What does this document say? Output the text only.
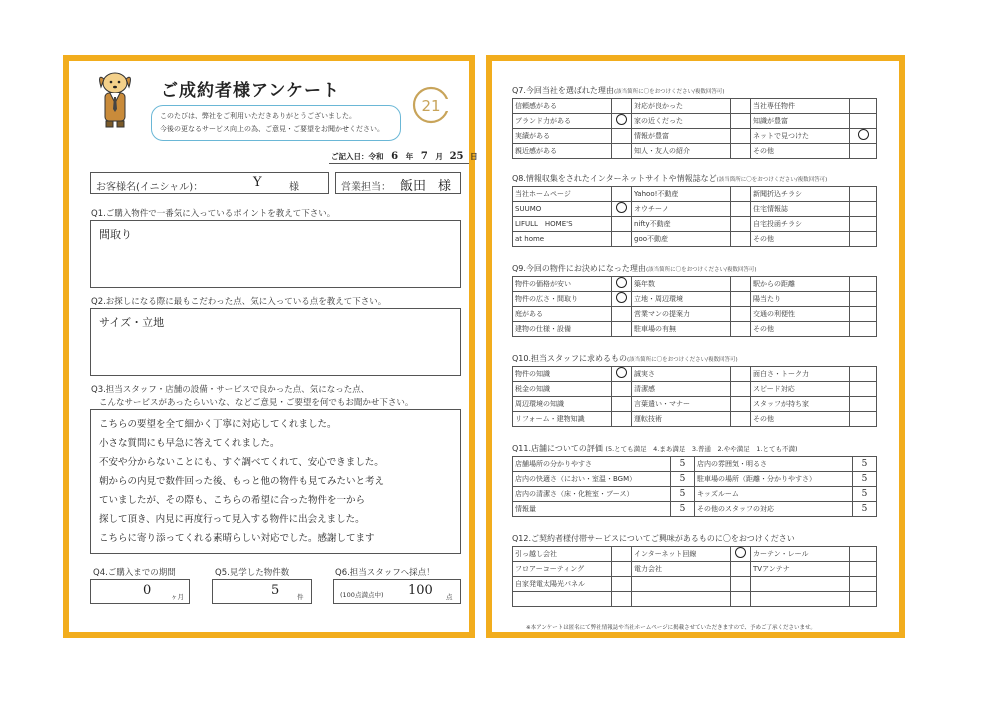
ご成約者様アンケート
このたびは、弊社をご利用いただきありがとうございました。
今後の更なるサービス向上の為、ご意見・ご要望をお聞かせください。
21
ご記入日：令和 6 年 7 月 25 日
お客様名(イニシャル)：	Y	様	営業担当： 飯田 様
Q1.ご購入物件で一番気に入っているポイントを教えて下さい。
間取り
Q2.お探しになる際に最もこだわった点、気に入っている点を教えて下さい。
サイズ・立地
Q3.担当スタッフ・店舗の設備・サービスで良かった点、気になった点、
こんなサービスがあったらいいな、などご意見・ご要望を何でもお聞かせ下さい。
こちらの要望を全て細かく丁寧に対応してくれました。
小さな質問にも早急に答えてくれました。
不安や分からないことにも、すぐ調べてくれて、安心できました。
朝からの内見で数件回った後、もっと他の物件も見てみたいと考え
ていましたが、その際も、こちらの希望に合った物件を一から
探して頂き、内見に再度行って見入する物件に出会えました。
こちらに寄り添ってくれる素晴らしい対応でした。感謝してます
Q4.ご購入までの期間
0	ヶ月
Q5.見学した物件数
5	件
Q6.担当スタッフへ採点！
(100点満点中) 100 点
Q7.今回当社を選ばれた理由(該当箇所に〇をおつけください/複数回答可)
信頼感がある		対応が良かった		当社専任物件	
ブランド力がある		家の近くだった		知識が豊富	
実績がある		情報が豊富		ネットで見つけた	
親近感がある		知人・友人の紹介		その他	
Q8.情報収集をされたインターネットサイトや情報誌など(該当箇所に〇をおつけください/複数回答可)
当社ホームページ		Yahoo!不動産		新聞折込チラシ	
SUUMO		オウチーノ		住宅情報誌	
LIFULL　HOME'S		nifty不動産		自宅投函チラシ	
at home		goo不動産		その他	
Q9.今回の物件にお決めになった理由(該当箇所に〇をおつけください/複数回答可)
物件の価格が安い		築年数		駅からの距離	
物件の広さ・間取り		立地・周辺環境		陽当たり	
庭がある		営業マンの提案力		交通の利便性	
建物の仕様・設備		駐車場の有無		その他	
Q10.担当スタッフに求めるもの(該当箇所に〇をおつけください/複数回答可)
物件の知識		誠実さ		面白さ・トーク力	
税金の知識		清潔感		スピード対応	
周辺環境の知識		言葉遣い・マナー		スタッフが持ち家	
リフォーム・建物知識		運転技術		その他	
Q11.店舗についての評価 (5.とても満足　4.まあ満足　3.普通　2.やや満足　1.とても不満)
店舗場所の分かりやすさ	5	店内の雰囲気・明るさ	5
店内の快適さ（におい・室温・BGM）	5	駐車場の場所（距離・分かりやすさ）	5
店内の清潔さ（床・化粧室・ブース）	5	キッズルーム	5
情報量	5	その他のスタッフの対応	5
Q12.ご契約者様付帯サービスについてご興味があるものに〇をおつけください
引っ越し会社		インターネット回線		カーテン・レール	
フロアーコーティング		電力会社		TVアンテナ	
自家発電太陽光パネル					

※本アンケートは匿名にて弊社情報誌や当社ホームページに掲載させていただきますので、予めご了承くださいませ。
